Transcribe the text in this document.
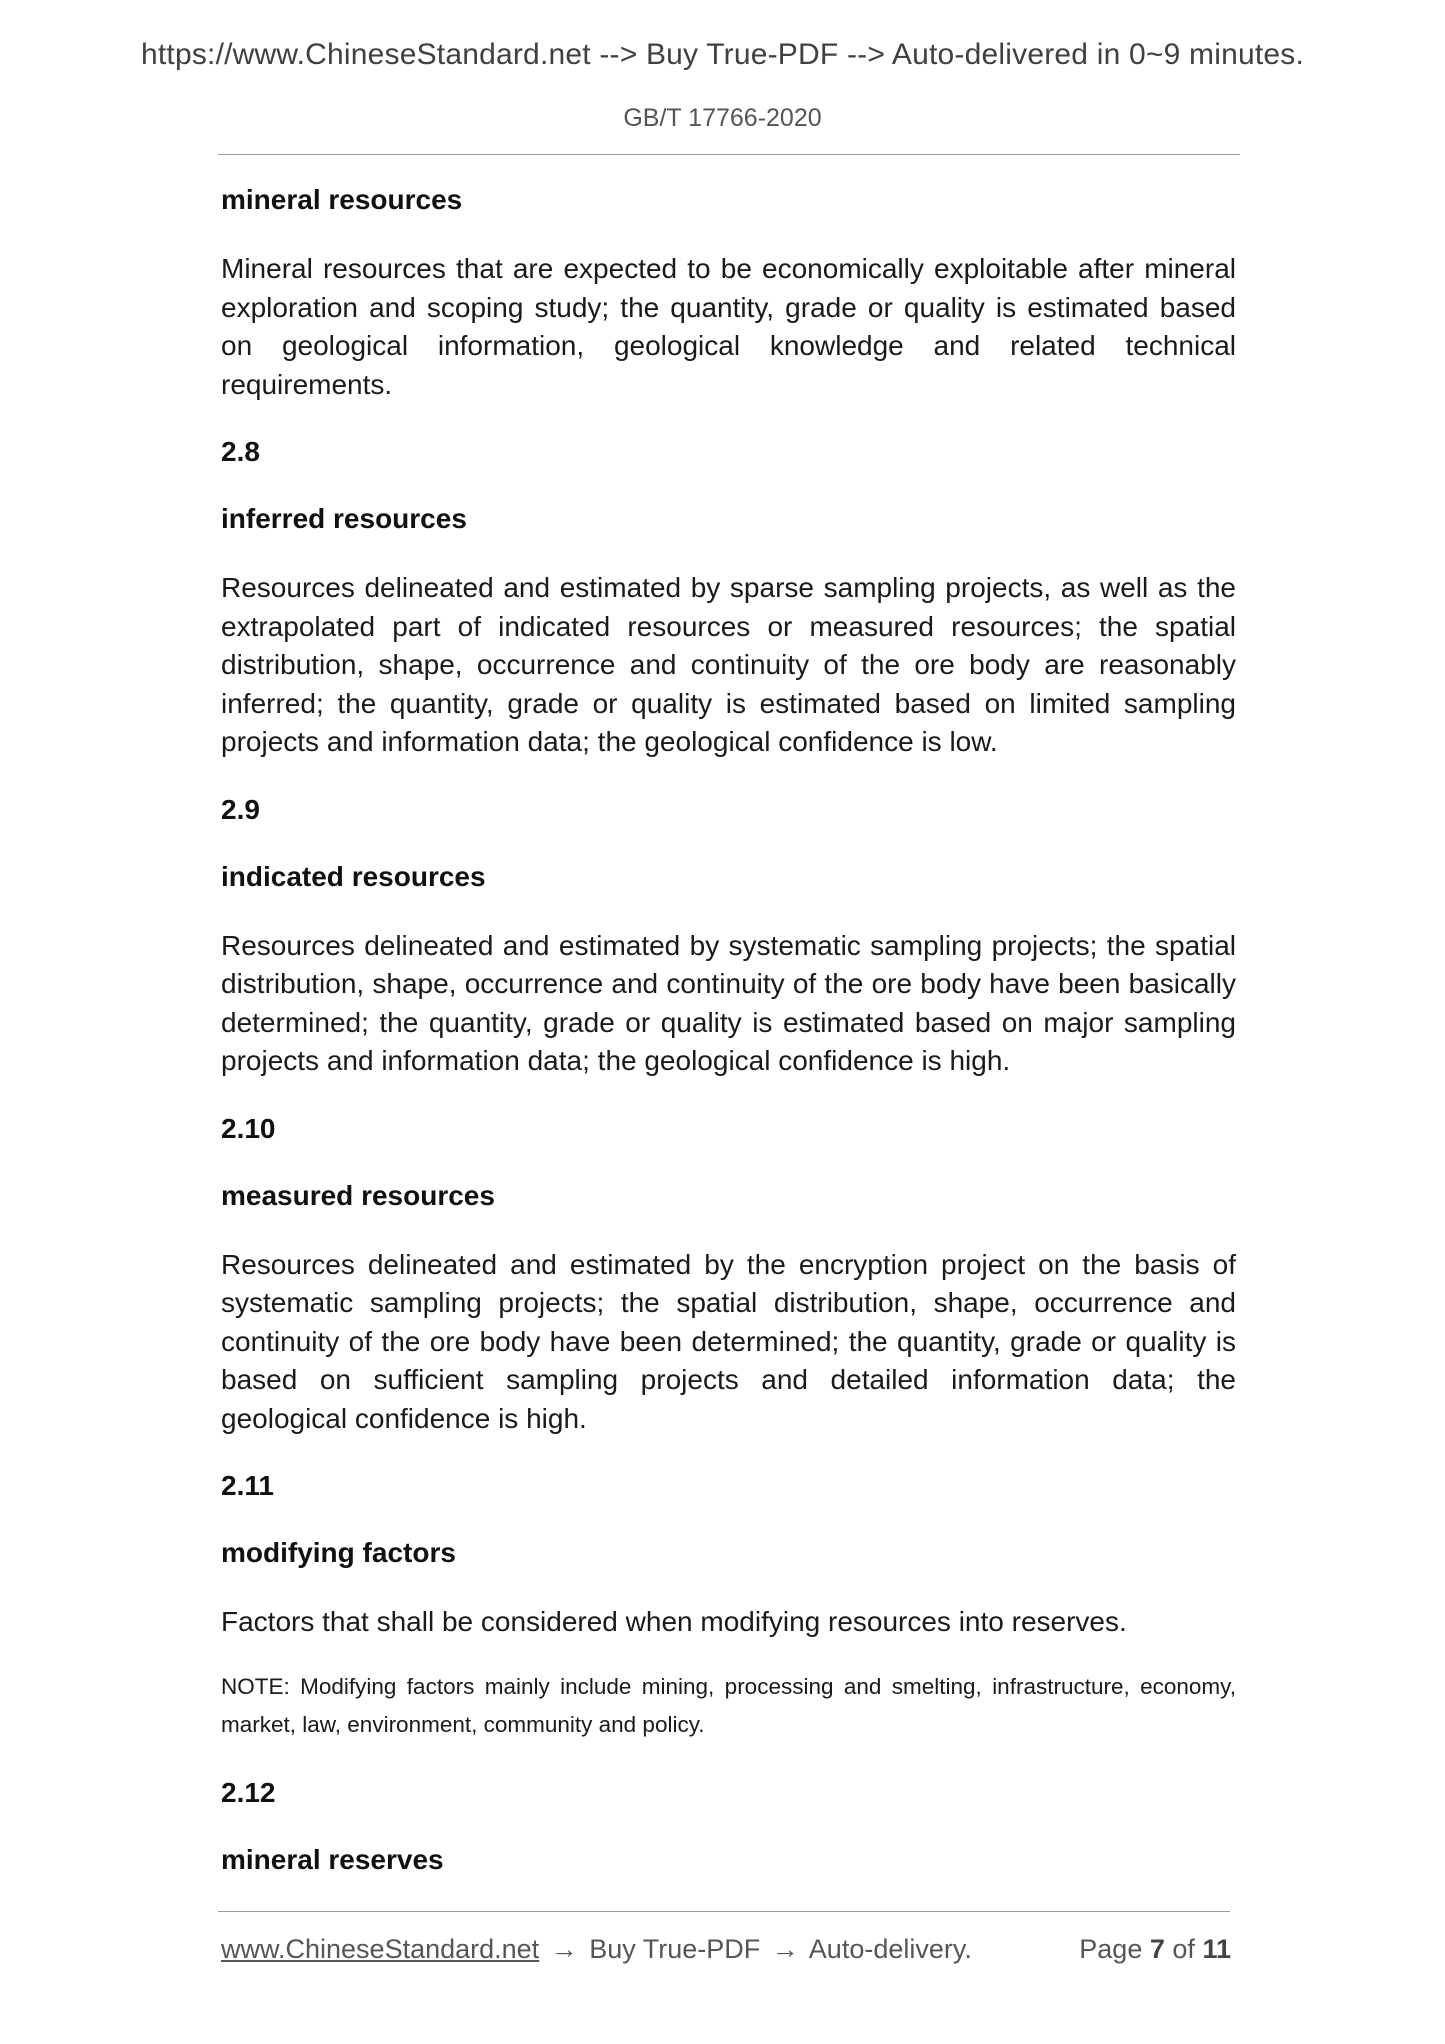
https://www.ChineseStandard.net --> Buy True-PDF --> Auto-delivered in 0~9 minutes.
GB/T 17766-2020
mineral resources

Mineral resources that are expected to be economically exploitable after mineral exploration and scoping study; the quantity, grade or quality is estimated based on geological information, geological knowledge and related technical requirements.

2.8
inferred resources

Resources delineated and estimated by sparse sampling projects, as well as the extrapolated part of indicated resources or measured resources; the spatial distribution, shape, occurrence and continuity of the ore body are reasonably inferred; the quantity, grade or quality is estimated based on limited sampling projects and information data; the geological confidence is low.

2.9
indicated resources

Resources delineated and estimated by systematic sampling projects; the spatial distribution, shape, occurrence and continuity of the ore body have been basically determined; the quantity, grade or quality is estimated based on major sampling projects and information data; the geological confidence is high.

2.10
measured resources

Resources delineated and estimated by the encryption project on the basis of systematic sampling projects; the spatial distribution, shape, occurrence and continuity of the ore body have been determined; the quantity, grade or quality is based on sufficient sampling projects and detailed information data; the geological confidence is high.

2.11
modifying factors

Factors that shall be considered when modifying resources into reserves.

NOTE: Modifying factors mainly include mining, processing and smelting, infrastructure, economy, market, law, environment, community and policy.

2.12
mineral reserves
www.ChineseStandard.net → Buy True-PDF → Auto-delivery.	Page 7 of 11
